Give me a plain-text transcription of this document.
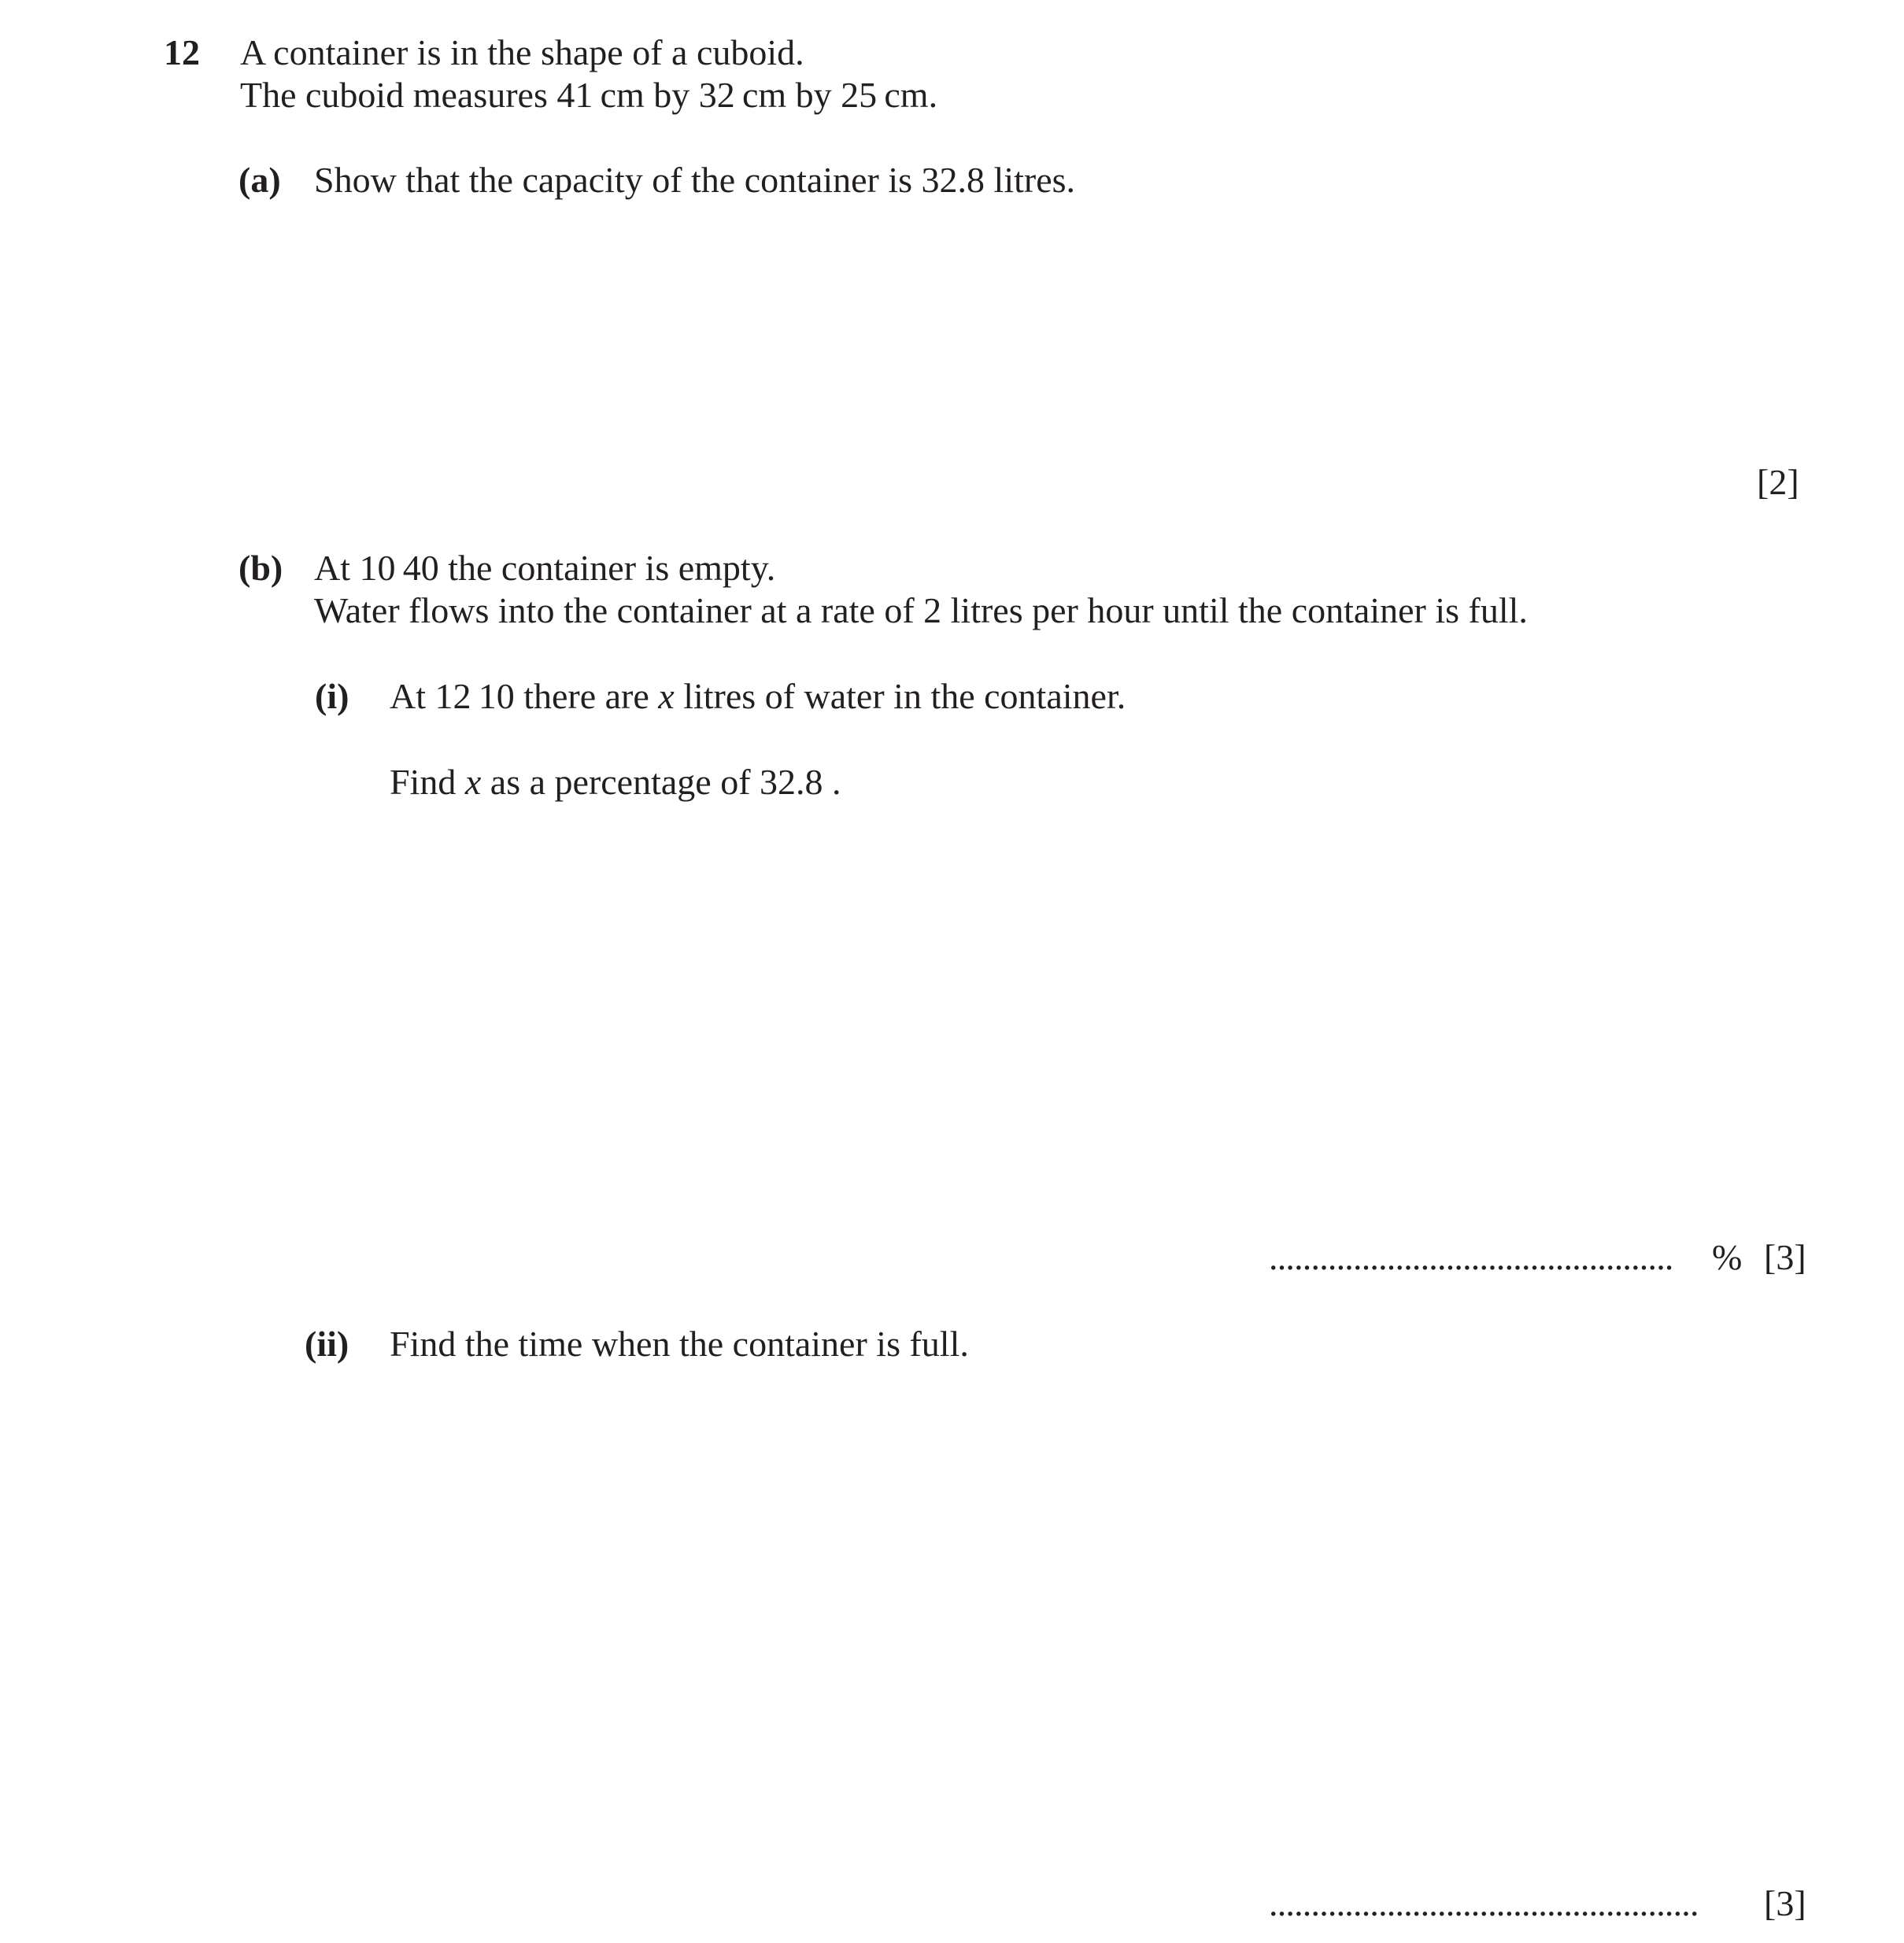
12 A container is in the shape of a cuboid.
The cuboid measures 41 cm by 32 cm by 25 cm.
(a) Show that the capacity of the container is 32.8 litres.
[2]
(b) At 10 40 the container is empty.
Water flows into the container at a rate of 2 litres per hour until the container is full.
(i) At 12 10 there are x litres of water in the container.
Find x as a percentage of 32.8 .
................................................ % [3]
(ii) Find the time when the container is full.
................................................... [3]
